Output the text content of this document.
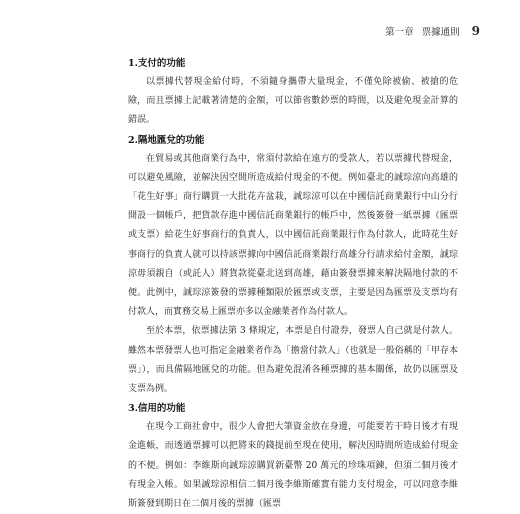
第一章 票據通則 9

1.支付的功能

以票據代替現金給付時，不須隨身攜帶大量現金，不僅免除被偷、被搶的危險，而且票據上記載著清楚的金額，可以節省數鈔票的時間，以及避免現金計算的錯誤。

2.隔地匯兌的功能

在貿易或其他商業行為中，常須付款給在遠方的受款人，若以票據代替現金，可以避免風險，並解決因空間所造成給付現金的不便。例如臺北的誠琮涼向高雄的「花生好事」商行購買一大批花卉盆栽，誠琮涼可以在中國信託商業銀行中山分行開設一個帳戶，把貨款存進中國信託商業銀行的帳戶中，然後簽發一紙票據（匯票或支票）給花生好事商行的負責人，以中國信託商業銀行作為付款人，此時花生好事商行的負責人就可以持該票據向中國信託商業銀行高雄分行請求給付金額，誠琮涼毋須親自（或託人）將貨款從臺北送到高雄，藉由簽發票據來解決隔地付款的不便。此例中，誠琮涼簽發的票據種類限於匯票或支票，主要是因為匯票及支票均有付款人，而實務交易上匯票亦多以金融業者作為付款人。

至於本票，依票據法第 3 條規定，本票是自付證券，發票人自己就是付款人。雖然本票發票人也可指定金融業者作為「擔當付款人」（也就是一般俗稱的「甲存本票」），而具備隔地匯兌的功能。但為避免混淆各種票據的基本關係，故仍以匯票及支票為例。

3.信用的功能

在現今工商社會中，很少人會把大筆資金放在身邊，可能要若干時日後才有現金進帳，而透過票據可以把將來的錢提前至現在使用，解決因時間所造成給付現金的不便。例如：李維斯向誠琮涼購買新臺幣 20 萬元的珍珠項鍊，但須二個月後才有現金入帳。如果誠琮涼相信二個月後李維斯確實有能力支付現金，可以同意李維斯簽發到期日在二個月後的票據（匯票
